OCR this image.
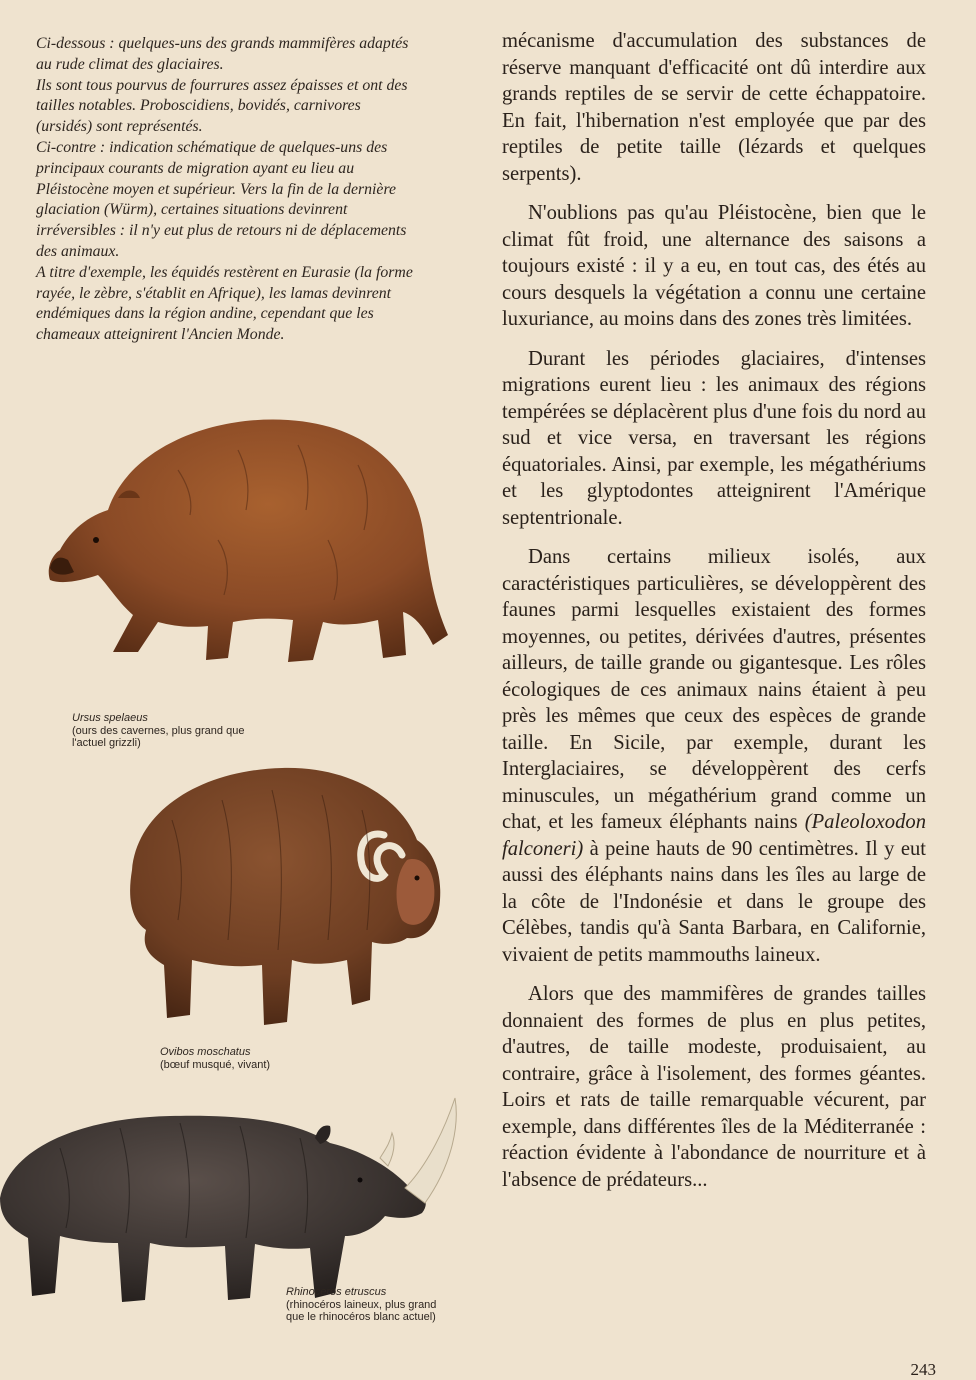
Ci-dessous : quelques-uns des grands mammifères adaptés au rude climat des glaciaires.

Ils sont tous pourvus de fourrures assez épaisses et ont des tailles notables. Proboscidiens, bovidés, carnivores (ursidés) sont représentés.

Ci-contre : indication schématique de quelques-uns des principaux courants de migration ayant eu lieu au Pléistocène moyen et supérieur. Vers la fin de la dernière glaciation (Würm), certaines situations devinrent irréversibles : il n'y eut plus de retours ni de déplacements des animaux.

A titre d'exemple, les équidés restèrent en Eurasie (la forme rayée, le zèbre, s'établit en Afrique), les lamas devinrent endémiques dans la région andine, cependant que les chameaux atteignirent l'Ancien Monde.

Ursus spelaeus
(ours des cavernes, plus grand que l'actuel grizzli)
Ovibos moschatus
(bœuf musqué, vivant)
Rhinoceros etruscus
(rhinocéros laineux, plus grand que le rhinocéros blanc actuel)

mécanisme d'accumulation des substances de réserve manquant d'efficacité ont dû interdire aux grands reptiles de se servir de cette échappatoire. En fait, l'hibernation n'est employée que par des reptiles de petite taille (lézards et quelques serpents).

N'oublions pas qu'au Pléistocène, bien que le climat fût froid, une alternance des saisons a toujours existé : il y a eu, en tout cas, des étés au cours desquels la végétation a connu une certaine luxuriance, au moins dans des zones très limitées.

Durant les périodes glaciaires, d'intenses migrations eurent lieu : les animaux des régions tempérées se déplacèrent plus d'une fois du nord au sud et vice versa, en traversant les régions équatoriales. Ainsi, par exemple, les mégathériums et les glyptodontes atteignirent l'Amérique septentrionale.

Dans certains milieux isolés, aux caractéristiques particulières, se développèrent des faunes parmi lesquelles existaient des formes moyennes, ou petites, dérivées d'autres, présentes ailleurs, de taille grande ou gigantesque. Les rôles écologiques de ces animaux nains étaient à peu près les mêmes que ceux des espèces de grande taille. En Sicile, par exemple, durant les Interglaciaires, se développèrent des cerfs minuscules, un mégathérium grand comme un chat, et les fameux éléphants nains (Paleoloxodon falconeri) à peine hauts de 90 centimètres. Il y eut aussi des éléphants nains dans les îles au large de la côte de l'Indonésie et dans le groupe des Célèbes, tandis qu'à Santa Barbara, en Californie, vivaient de petits mammouths laineux.

Alors que des mammifères de grandes tailles donnaient des formes de plus en plus petites, d'autres, de taille modeste, produisaient, au contraire, grâce à l'isolement, des formes géantes. Loirs et rats de taille remarquable vécurent, par exemple, dans différentes îles de la Méditerranée : réaction évidente à l'abondance de nourriture et à l'absence de prédateurs...

243
